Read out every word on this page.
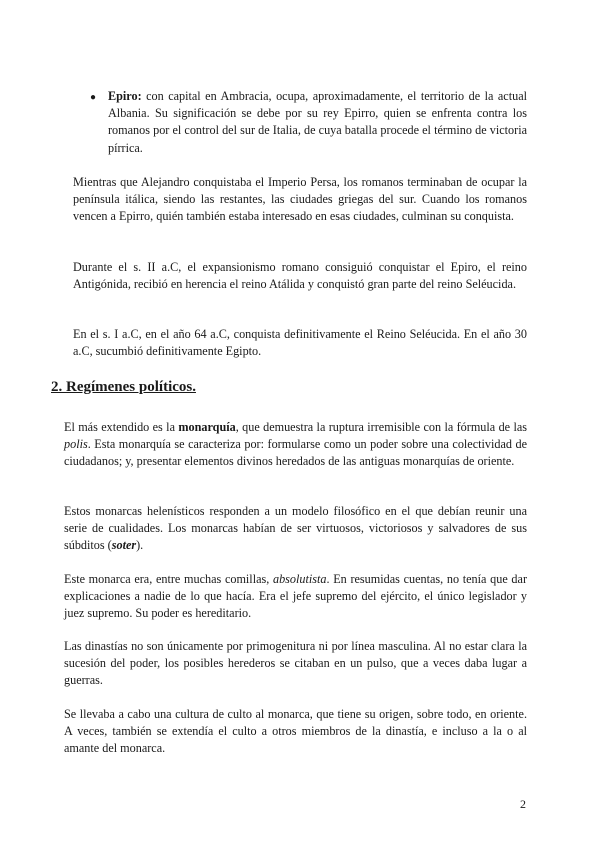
● Epiro: con capital en Ambracia, ocupa, aproximadamente, el territorio de la actual Albania. Su significación se debe por su rey Epirro, quien se enfrenta contra los romanos por el control del sur de Italia, de cuya batalla procede el término de victoria pírrica.
Mientras que Alejandro conquistaba el Imperio Persa, los romanos terminaban de ocupar la península itálica, siendo las restantes, las ciudades griegas del sur. Cuando los romanos vencen a Epirro, quién también estaba interesado en esas ciudades, culminan su conquista.
Durante el s. II a.C, el expansionismo romano consiguió conquistar el Epiro, el reino Antigónida, recibió en herencia el reino Atálida y conquistó gran parte del reino Seléucida.
En el s. I a.C, en el año 64 a.C, conquista definitivamente el Reino Seléucida. En el año 30 a.C, sucumbió definitivamente Egipto.
2. Regímenes políticos.
El más extendido es la monarquía, que demuestra la ruptura irremisible con la fórmula de las polis. Esta monarquía se caracteriza por: formularse como un poder sobre una colectividad de ciudadanos; y, presentar elementos divinos heredados de las antiguas monarquías de oriente.
Estos monarcas helenísticos responden a un modelo filosófico en el que debían reunir una serie de cualidades. Los monarcas habían de ser virtuosos, victoriosos y salvadores de sus súbditos (soter).
Este monarca era, entre muchas comillas, absolutista. En resumidas cuentas, no tenía que dar explicaciones a nadie de lo que hacía. Era el jefe supremo del ejército, el único legislador y juez supremo. Su poder es hereditario.
Las dinastías no son únicamente por primogenitura ni por línea masculina. Al no estar clara la sucesión del poder, los posibles herederos se citaban en un pulso, que a veces daba lugar a guerras.
Se llevaba a cabo una cultura de culto al monarca, que tiene su origen, sobre todo, en oriente. A veces, también se extendía el culto a otros miembros de la dinastía, e incluso a la o al amante del monarca.
2
